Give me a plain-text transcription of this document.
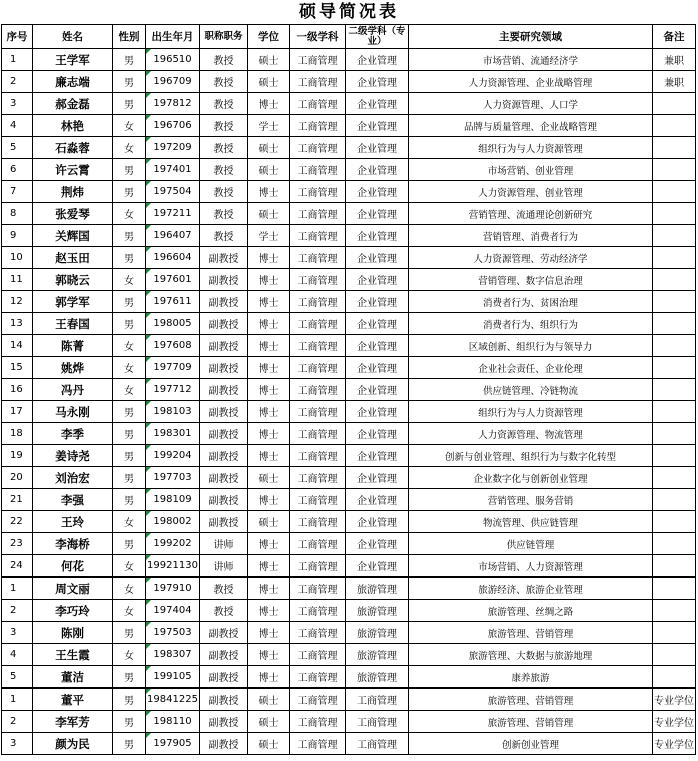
硕导简况表
序号	姓名	性别	出生年月	职称职务	学位	一级学科	二级学科（专业）	主要研究领域	备注
1	王学军	男	196510	教授	硕士	工商管理	企业管理	市场营销、流通经济学	兼职
2	廉志端	男	196709	教授	硕士	工商管理	企业管理	人力资源管理、企业战略管理	兼职
3	郝金磊	男	197812	教授	博士	工商管理	企业管理	人力资源管理、人口学	
4	林艳	女	196706	教授	学士	工商管理	企业管理	品牌与质量管理、企业战略管理	
5	石淼蓉	女	197209	教授	硕士	工商管理	企业管理	组织行为与人力资源管理	
6	许云霄	男	197401	教授	硕士	工商管理	企业管理	市场营销、创业管理	
7	荆炜	男	197504	教授	博士	工商管理	企业管理	人力资源管理、创业管理	
8	张爱琴	女	197211	教授	硕士	工商管理	企业管理	营销管理、流通理论创新研究	
9	关辉国	男	196407	教授	学士	工商管理	企业管理	营销管理、消费者行为	
10	赵玉田	男	196604	副教授	博士	工商管理	企业管理	人力资源管理、劳动经济学	
11	郭晓云	女	197601	副教授	博士	工商管理	企业管理	营销管理、数字信息治理	
12	郭学军	男	197611	副教授	博士	工商管理	企业管理	消费者行为、贫困治理	
13	王春国	男	198005	副教授	博士	工商管理	企业管理	消费者行为、组织行为	
14	陈菁	女	197608	副教授	博士	工商管理	企业管理	区域创新、组织行为与领导力	
15	姚烨	女	197709	副教授	博士	工商管理	企业管理	企业社会责任、企业伦理	
16	冯丹	女	197712	副教授	博士	工商管理	企业管理	供应链管理、冷链物流	
17	马永刚	男	198103	副教授	博士	工商管理	企业管理	组织行为与人力资源管理	
18	李季	男	198301	副教授	博士	工商管理	企业管理	人力资源管理、物流管理	
19	姜诗尧	男	199204	副教授	博士	工商管理	企业管理	创新与创业管理、组织行为与数字化转型	
20	刘治宏	男	197703	副教授	硕士	工商管理	企业管理	企业数字化与创新创业管理	
21	李强	男	198109	副教授	博士	工商管理	企业管理	营销管理、服务营销	
22	王玲	女	198002	副教授	硕士	工商管理	企业管理	物流管理、供应链管理	
23	李海桥	男	199202	讲师	博士	工商管理	企业管理	供应链管理	
24	何花	女	19921130	讲师	博士	工商管理	企业管理	市场营销、人力资源管理	
1	周文丽	女	197910	教授	博士	工商管理	旅游管理	旅游经济、旅游企业管理	
2	李巧玲	女	197404	教授	博士	工商管理	旅游管理	旅游管理、丝绸之路	
3	陈刚	男	197503	副教授	博士	工商管理	旅游管理	旅游管理、营销管理	
4	王生霞	女	198307	副教授	博士	工商管理	旅游管理	旅游管理、大数据与旅游地理	
5	董洁	男	199105	副教授	博士	工商管理	旅游管理	康养旅游	
1	董平	男	19841225	副教授	硕士	工商管理	工商管理	旅游管理、营销管理	专业学位
2	李军芳	男	198110	副教授	硕士	工商管理	工商管理	旅游管理、营销管理	专业学位
3	颜为民	男	197905	副教授	硕士	工商管理	工商管理	创新创业管理	专业学位
